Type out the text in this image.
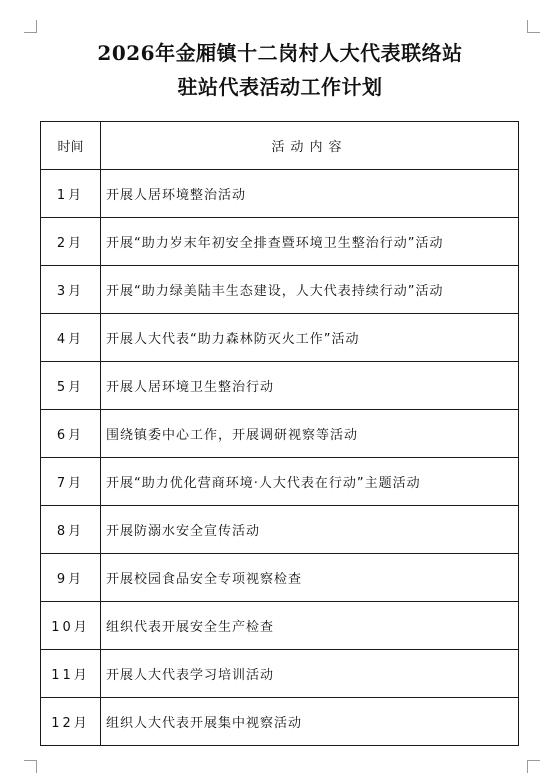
2026年金厢镇十二岗村人大代表联络站
驻站代表活动工作计划
时间	活动内容
1月	开展人居环境整治活动
2月	开展“助力岁末年初安全排查暨环境卫生整治行动”活动
3月	开展“助力绿美陆丰生态建设，人大代表持续行动”活动
4月	开展人大代表“助力森林防灭火工作”活动
5月	开展人居环境卫生整治行动
6月	围绕镇委中心工作，开展调研视察等活动
7月	开展“助力优化营商环境·人大代表在行动”主题活动
8月	开展防溺水安全宣传活动
9月	开展校园食品安全专项视察检查
10月	组织代表开展安全生产检查
11月	开展人大代表学习培训活动
12月	组织人大代表开展集中视察活动
